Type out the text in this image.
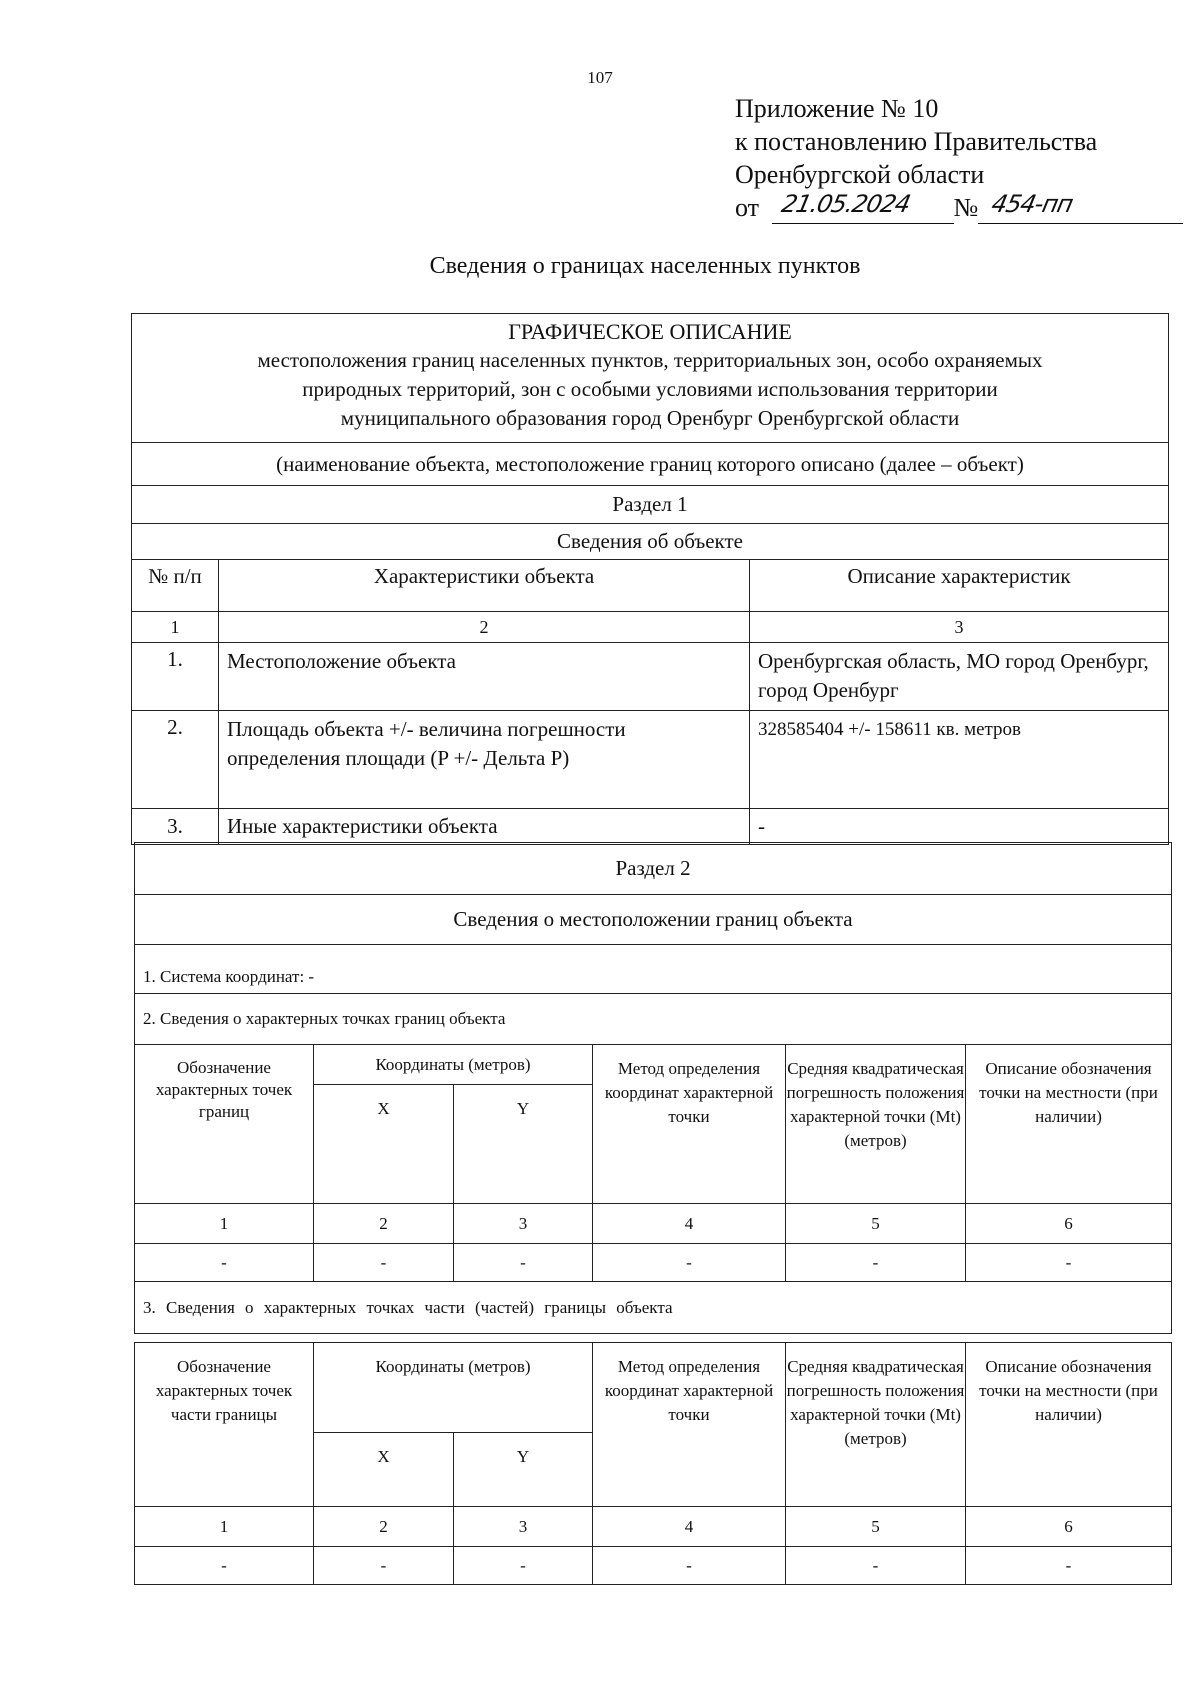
107
Приложение № 10
к постановлению Правительства
Оренбургской области
от 21.05.2024 № 454-пп
Сведения о границах населенных пунктов
ГРАФИЧЕСКОЕ ОПИСАНИЕ
местоположения границ населенных пунктов, территориальных зон, особо охраняемых
природных территорий, зон с особыми условиями использования территории
муниципального образования город Оренбург Оренбургской области		

(наименование объекта, местоположение границ которого описано (далее – объект)		
Раздел 1		
Сведения об объекте		
№ п/п	Характеристики объекта	Описание характеристик
1	2	3
1.	Местоположение объекта	Оренбургская область, МО город Оренбург, город Оренбург
2.	Площадь объекта +/- величина погрешности определения площади (P +/- Дельта P)	328585404 +/- 158611 кв. метров
3.	Иные характеристики объекта	-
Раздел 2					
Сведения о местоположении границ объекта					
1. Система координат: -					
2. Сведения о характерных точках границ объекта					
Обозначение характерных точек границ	Координаты (метров)		Метод определения координат характерной точки	Средняя квадратическая погрешность положения характерной точки (Mt) (метров)	Описание обозначения точки на местности (при наличии)
	X	Y			
1	2	3	4	5	6
-	-	-	-	-	-
3. Сведения о характерных точках части (частей) границы объекта					
Обозначение характерных точек части границы	Координаты (метров)		Метод определения координат характерной точки	Средняя квадратическая погрешность положения характерной точки (Mt) (метров)	Описание обозначения точки на местности (при наличии)
	X	Y			
1	2	3	4	5	6
-	-	-	-	-	-
